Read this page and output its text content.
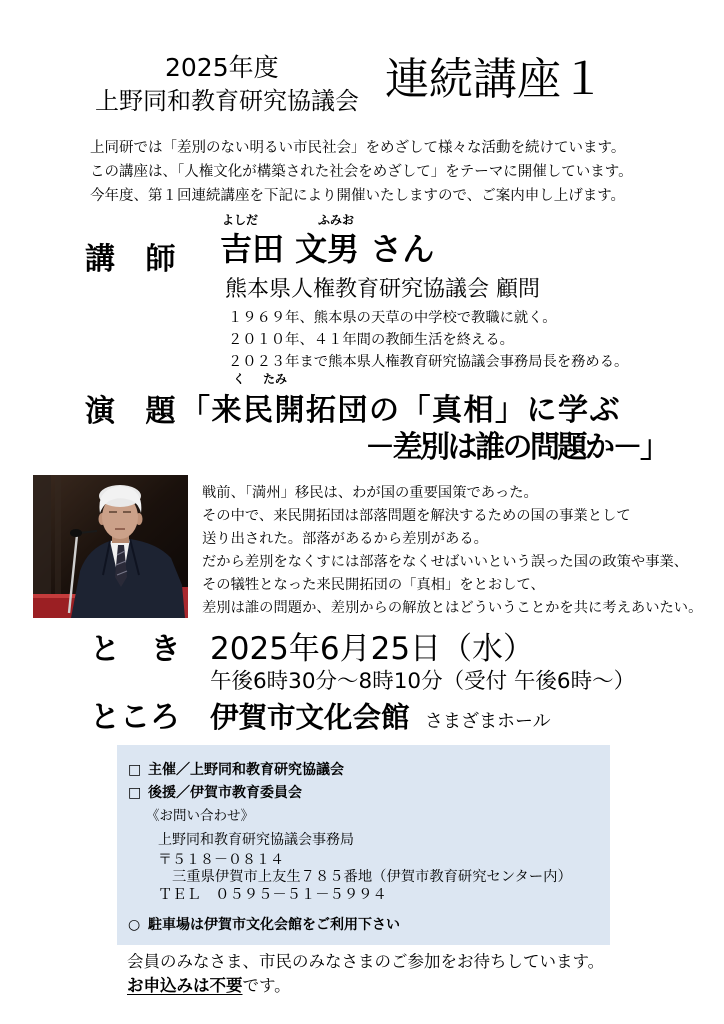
2025年度
上野同和教育研究協議会 連続講座１
上同研では「差別のない明るい市民社会」をめざして様々な活動を続けています。
この講座は、「人権文化が構築された社会をめざして」をテーマに開催しています。
今年度、第１回連続講座を下記により開催いたしますので、ご案内申し上げます。
よしだ	ふみお
講 師 吉田 文男 さん
熊本県人権教育研究協議会 顧問
１９６９年、熊本県の天草の中学校で教職に就く。
２０１０年、４１年間の教師生活を終える。
２０２３年まで熊本県人権教育研究協議会事務局長を務める。
く たみ
演 題
「来民開拓団の「真相」に学ぶ
－差別は誰の問題か－」
戦前、「満州」移民は、わが国の重要国策であった。
その中で、来民開拓団は部落問題を解決するための国の事業として
送り出された。部落があるから差別がある。
だから差別をなくすには部落をなくせばいいという誤った国の政策や事業、
その犠牲となった来民開拓団の「真相」をとおして、
差別は誰の問題か、差別からの解放とはどういうことかを共に考えあいたい。
と き 2025年6月25日（水）
午後6時30分～8時10分（受付 午後6時～）
ところ 伊賀市文化会館 さまざまホール
□ 主催／上野同和教育研究協議会
□ 後援／伊賀市教育委員会
《お問い合わせ》
上野同和教育研究協議会事務局
〒５１８－０８１４
三重県伊賀市上友生７８５番地（伊賀市教育研究センター内）
ＴＥＬ　０５９５－５１－５９９４
○ 駐車場は伊賀市文化会館をご利用下さい
会員のみなさま、市民のみなさまのご参加をお待ちしています。
お申込みは不要です。
